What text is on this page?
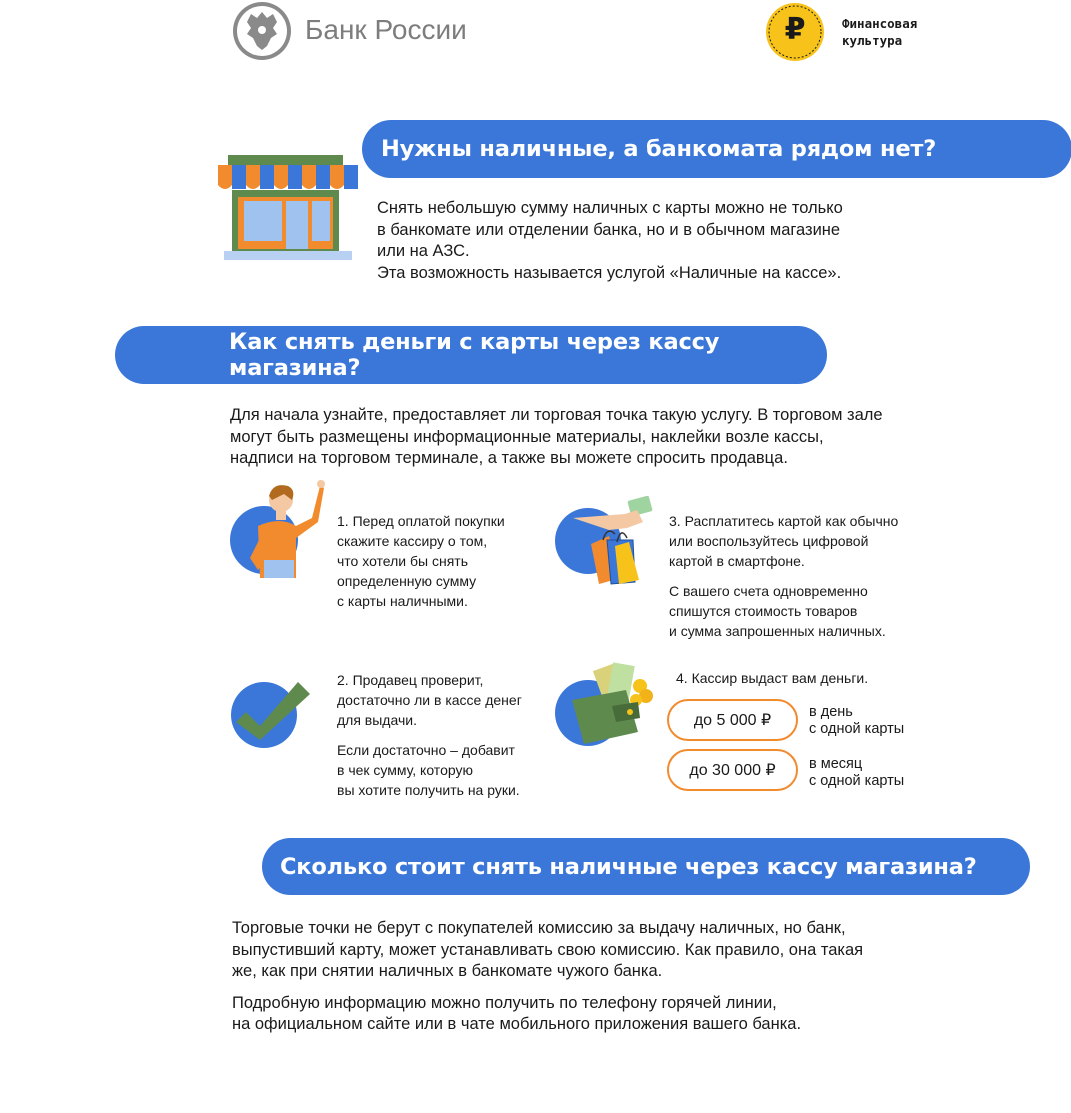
Банк России	₽	Финансовая
культура
Нужны наличные, а банкомата рядом нет?
Снять небольшую сумму наличных с карты можно не только
в банкомате или отделении банка, но и в обычном магазине
или на АЗС.
Эта возможность называется услугой «Наличные на кассе».
Как снять деньги с карты через кассу магазина?
Для начала узнайте, предоставляет ли торговая точка такую услугу. В торговом зале
могут быть размещены информационные материалы, наклейки возле кассы,
надписи на торговом терминале, а также вы можете спросить продавца.
1. Перед оплатой покупки
скажите кассиру о том,
что хотели бы снять
определенную сумму
с карты наличными.
3. Расплатитесь картой как обычно
или воспользуйтесь цифровой
картой в смартфоне.
С вашего счета одновременно
спишутся стоимость товаров
и сумма запрошенных наличных.
2. Продавец проверит,
достаточно ли в кассе денег
для выдачи.
Если достаточно – добавит
в чек сумму, которую
вы хотите получить на руки.
4. Кассир выдаст вам деньги.
до 5 000 ₽	в день
с одной карты
до 30 000 ₽ в месяц
с одной карты
Сколько стоит снять наличные через кассу магазина?
Торговые точки не берут с покупателей комиссию за выдачу наличных, но банк,
выпустивший карту, может устанавливать свою комиссию. Как правило, она такая
же, как при снятии наличных в банкомате чужого банка.
Подробную информацию можно получить по телефону горячей линии,
на официальном сайте или в чате мобильного приложения вашего банка.
